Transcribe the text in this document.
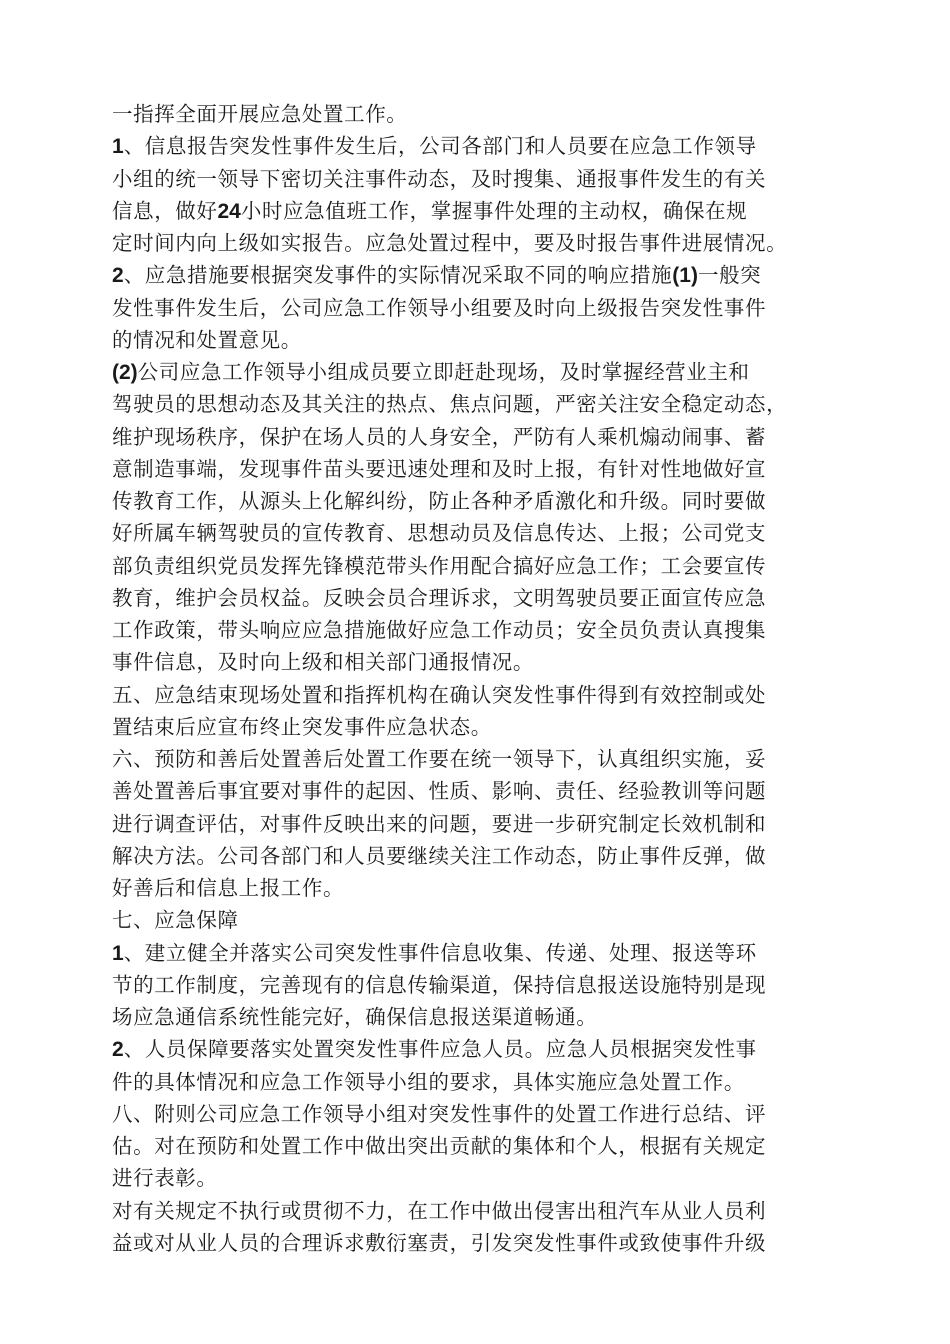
一指挥全面开展应急处置工作。
1、信息报告突发性事件发生后，公司各部门和人员要在应急工作领导
小组的统一领导下密切关注事件动态，及时搜集、通报事件发生的有关
信息，做好24小时应急值班工作，掌握事件处理的主动权，确保在规
定时间内向上级如实报告。应急处置过程中，要及时报告事件进展情况。
2、应急措施要根据突发事件的实际情况采取不同的响应措施(1)一般突
发性事件发生后，公司应急工作领导小组要及时向上级报告突发性事件
的情况和处置意见。
(2)公司应急工作领导小组成员要立即赶赴现场，及时掌握经营业主和
驾驶员的思想动态及其关注的热点、焦点问题，严密关注安全稳定动态，
维护现场秩序，保护在场人员的人身安全，严防有人乘机煽动闹事、蓄
意制造事端，发现事件苗头要迅速处理和及时上报，有针对性地做好宣
传教育工作，从源头上化解纠纷，防止各种矛盾激化和升级。同时要做
好所属车辆驾驶员的宣传教育、思想动员及信息传达、上报；公司党支
部负责组织党员发挥先锋模范带头作用配合搞好应急工作；工会要宣传
教育，维护会员权益。反映会员合理诉求，文明驾驶员要正面宣传应急
工作政策，带头响应应急措施做好应急工作动员；安全员负责认真搜集
事件信息，及时向上级和相关部门通报情况。
五、应急结束现场处置和指挥机构在确认突发性事件得到有效控制或处
置结束后应宣布终止突发事件应急状态。
六、预防和善后处置善后处置工作要在统一领导下，认真组织实施，妥
善处置善后事宜要对事件的起因、性质、影响、责任、经验教训等问题
进行调查评估，对事件反映出来的问题，要进一步研究制定长效机制和
解决方法。公司各部门和人员要继续关注工作动态，防止事件反弹，做
好善后和信息上报工作。
七、应急保障
1、建立健全并落实公司突发性事件信息收集、传递、处理、报送等环
节的工作制度，完善现有的信息传输渠道，保持信息报送设施特别是现
场应急通信系统性能完好，确保信息报送渠道畅通。
2、人员保障要落实处置突发性事件应急人员。应急人员根据突发性事
件的具体情况和应急工作领导小组的要求，具体实施应急处置工作。
八、附则公司应急工作领导小组对突发性事件的处置工作进行总结、评
估。对在预防和处置工作中做出突出贡献的集体和个人，根据有关规定
进行表彰。
对有关规定不执行或贯彻不力，在工作中做出侵害出租汽车从业人员利
益或对从业人员的合理诉求敷衍塞责，引发突发性事件或致使事件升级
